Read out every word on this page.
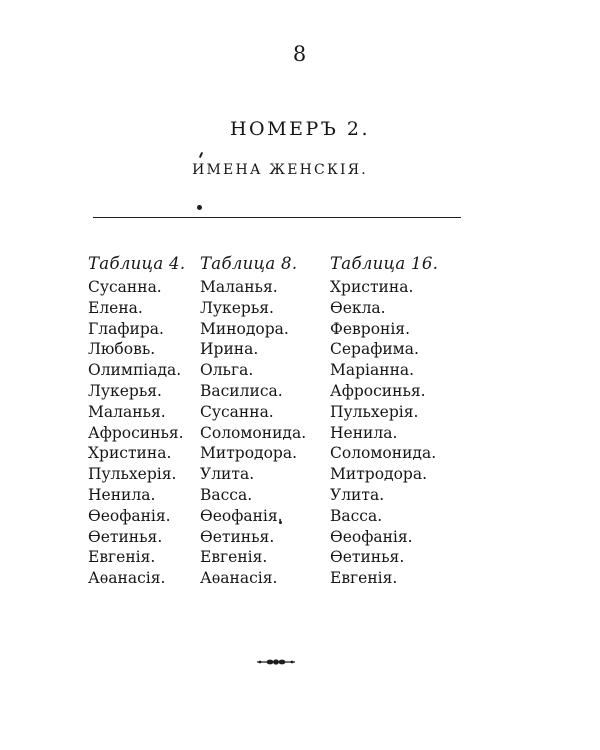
8
НОМЕРЪ 2.
ИМЕНА ЖЕНСКІЯ.
Таблица 4.
Сусанна.
Елена.
Глафира.
Любовь.
Олимпіада.
Лукерья.
Маланья.
Афросинья.
Христина.
Пульхерія.
Ненила.
Ѳеофанія.
Ѳетинья.
Евгенія.
Аѳанасія.
Таблица 8.
Маланья.
Лукерья.
Минодора.
Ирина.
Ольга.
Василиса.
Сусанна.
Соломонида.
Митродора.
Улита.
Васса.
Ѳеофанія.
Ѳетинья.
Евгенія.
Аѳанасія.
Таблица 16.
Христина.
Ѳекла.
Февронія.
Серафима.
Маріанна.
Афросинья.
Пульхерія.
Ненила.
Соломонида.
Митродора.
Улита.
Васса.
Ѳеофанія.
Ѳетинья.
Евгенія.
